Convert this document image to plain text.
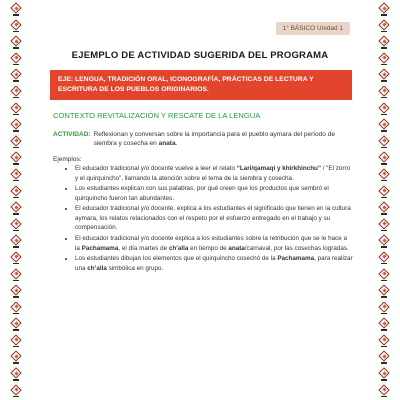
1° BÁSICO Unidad 1
EJEMPLO DE ACTIVIDAD SUGERIDA DEL PROGRAMA
EJE: LENGUA, TRADICIÓN ORAL, ICONOGRAFÍA, PRÁCTICAS DE LECTURA Y ESCRITURA DE LOS PUEBLOS ORIGINARIOS.
CONTEXTO REVITALIZACIÓN Y RESCATE DE LA LENGUA
ACTIVIDAD: Reflexionan y conversan sobre la importancia para el pueblo aymara del período de siembra y cosecha en anata.
Ejemplos:
• El educador tradicional y/o docente vuelve a leer el relato “Lari/qamaqi y khirkhinchu” / “El zorro y el quirquincho”, llamando la atención sobre el tema de la siembra y cosecha.
• Los estudiantes explican con sus palabras, por qué creen que los productos que sembró el quirquincho fueron tan abundantes.
• El educador tradicional y/o docente, explica a los estudiantes el significado que tienen en la cultura aymara, los relatos relacionados con el respeto por el esfuerzo entregado en el trabajo y su compensación.
• El educador tradicional y/o docente explica a los estudiantes sobre la retribución que se le hace a la Pachamama, el día martes de ch’alla en tiempo de anata/carnaval, por las cosechas logradas.
• Los estudiantes dibujan los elementos que el quirquincho cosechó de la Pachamama, para realizar una ch’alla simbólica en grupo.
